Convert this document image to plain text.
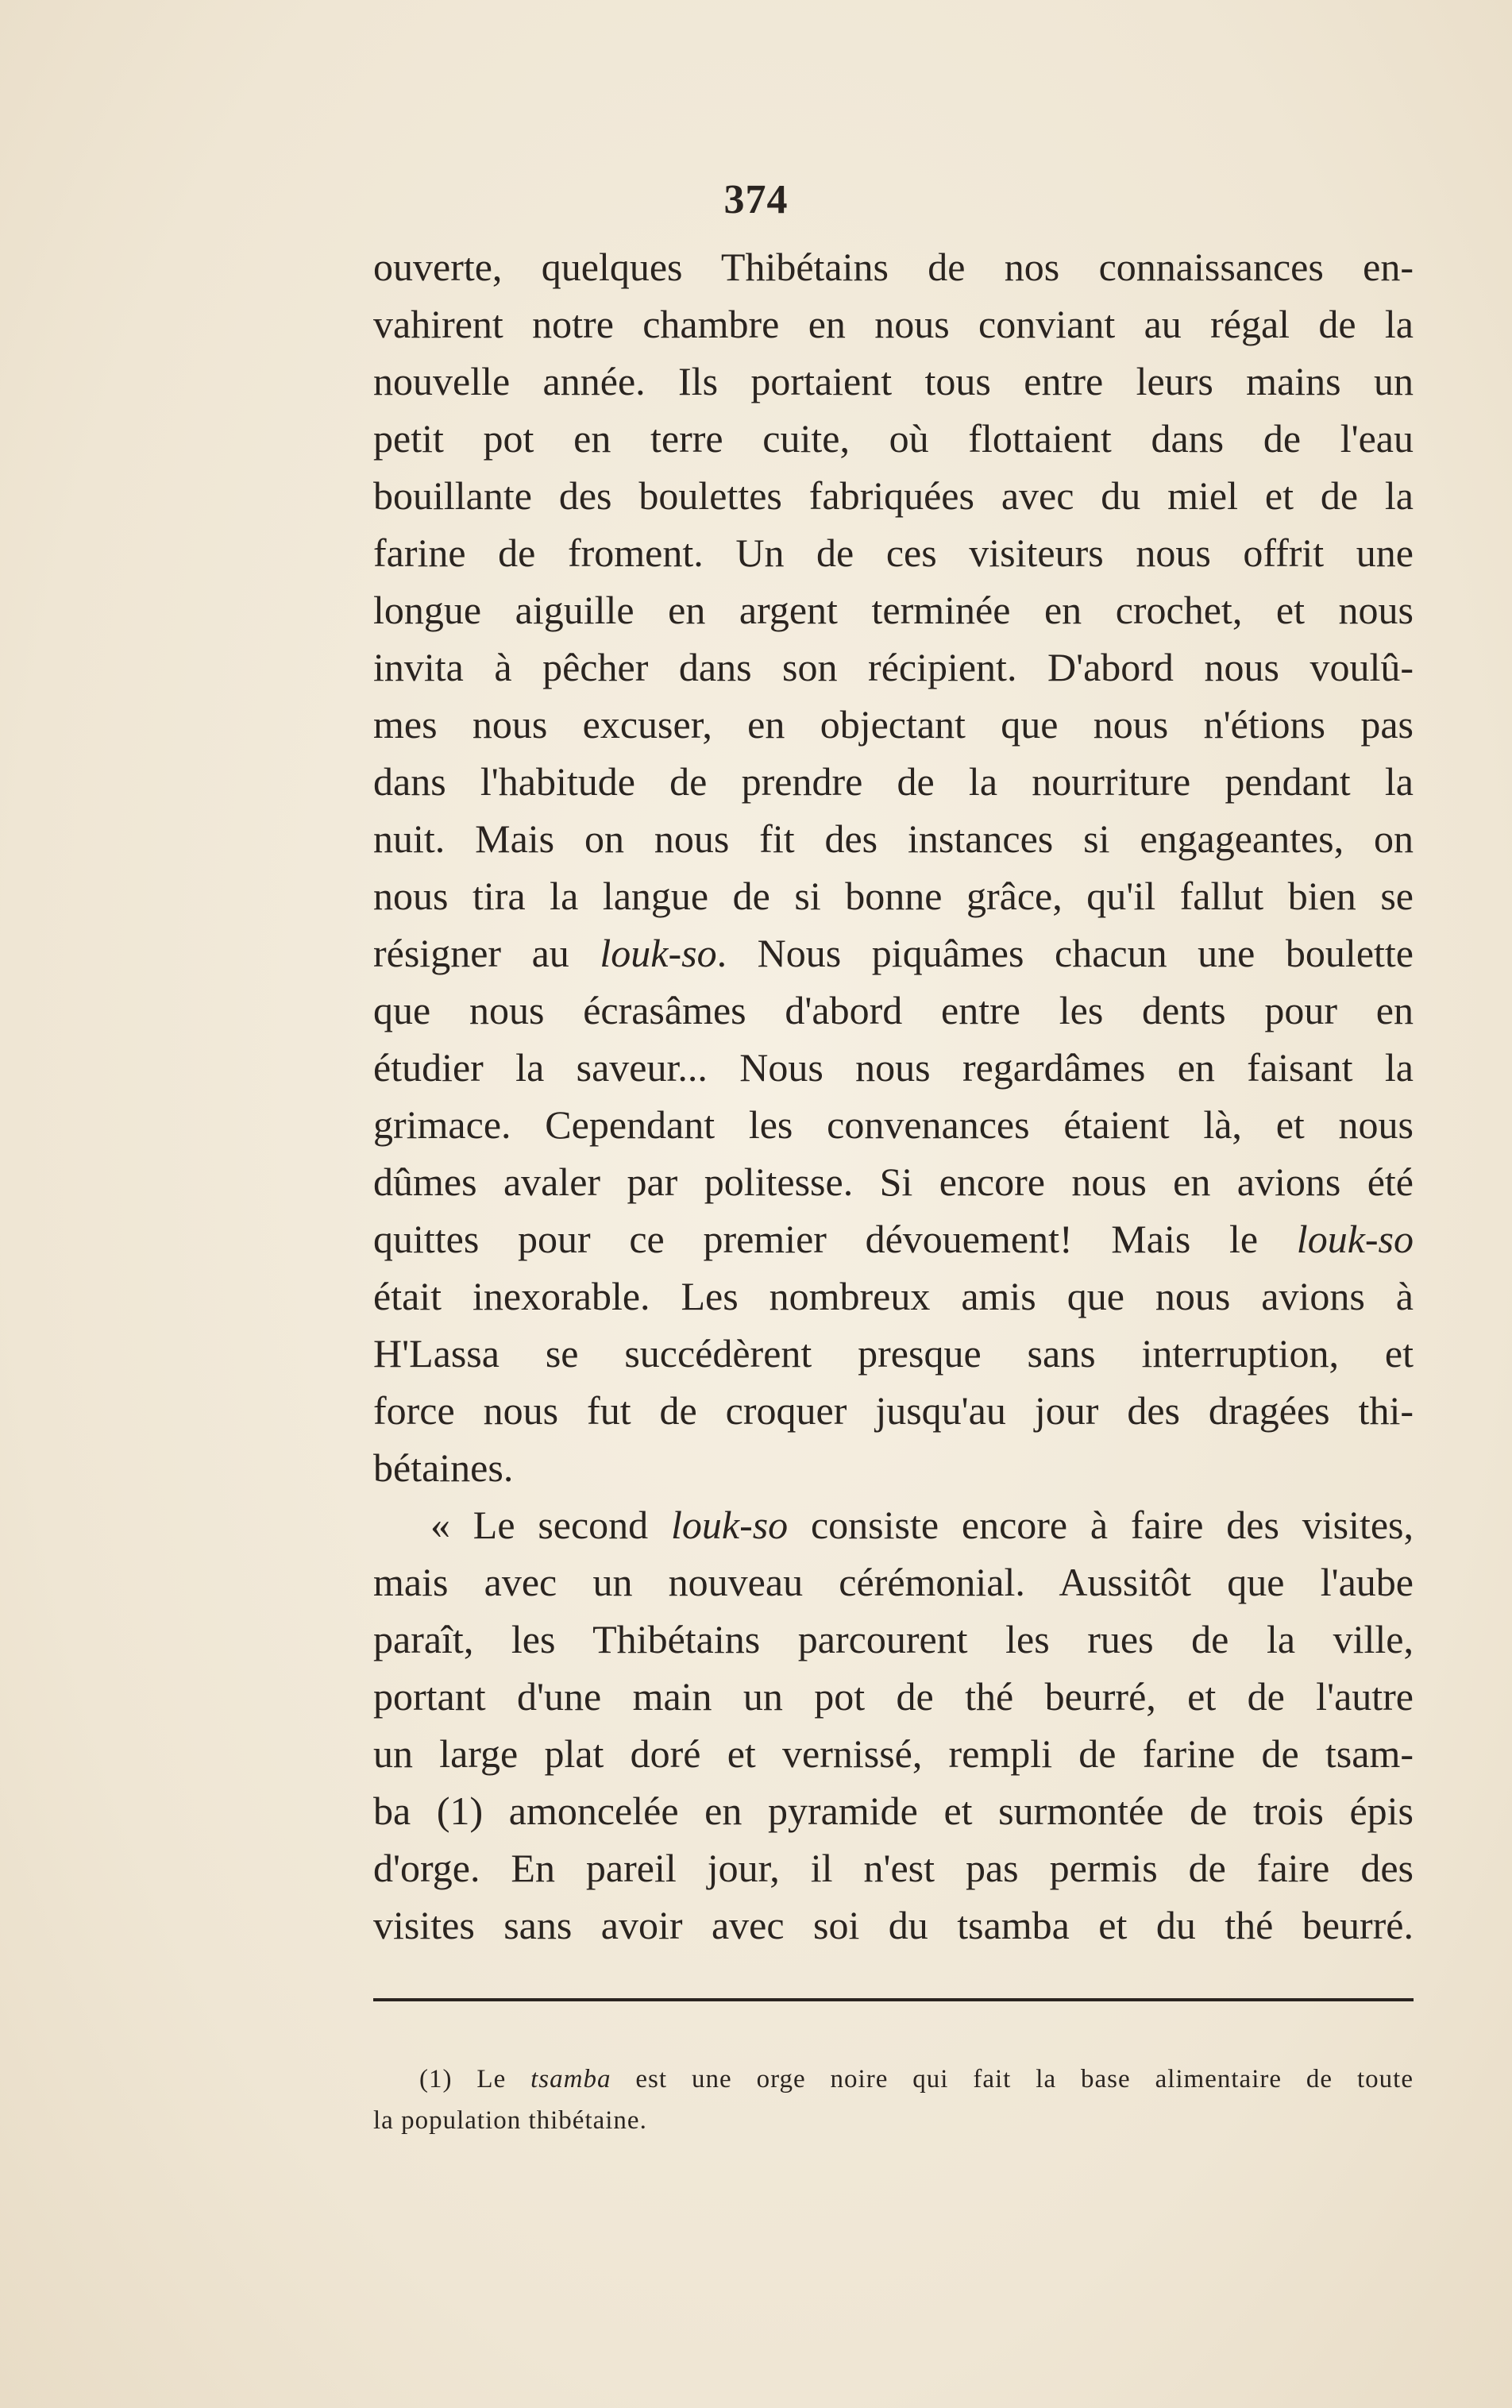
374
ouverte, quelques Thibétains de nos connaissances en-
vahirent notre chambre en nous conviant au régal de la
nouvelle année. Ils portaient tous entre leurs mains un
petit pot en terre cuite, où flottaient dans de l'eau
bouillante des boulettes fabriquées avec du miel et de la
farine de froment. Un de ces visiteurs nous offrit une
longue aiguille en argent terminée en crochet, et nous
invita à pêcher dans son récipient. D'abord nous voulû-
mes nous excuser, en objectant que nous n'étions pas
dans l'habitude de prendre de la nourriture pendant la
nuit. Mais on nous fit des instances si engageantes, on
nous tira la langue de si bonne grâce, qu'il fallut bien se
résigner au louk-so. Nous piquâmes chacun une boulette
que nous écrasâmes d'abord entre les dents pour en
étudier la saveur... Nous nous regardâmes en faisant la
grimace. Cependant les convenances étaient là, et nous
dûmes avaler par politesse. Si encore nous en avions été
quittes pour ce premier dévouement! Mais le louk-so
était inexorable. Les nombreux amis que nous avions à
H'Lassa se succédèrent presque sans interruption, et
force nous fut de croquer jusqu'au jour des dragées thi-
bétaines.
« Le second louk-so consiste encore à faire des visites,
mais avec un nouveau cérémonial. Aussitôt que l'aube
paraît, les Thibétains parcourent les rues de la ville,
portant d'une main un pot de thé beurré, et de l'autre
un large plat doré et vernissé, rempli de farine de tsam-
ba (1) amoncelée en pyramide et surmontée de trois épis
d'orge. En pareil jour, il n'est pas permis de faire des
visites sans avoir avec soi du tsamba et du thé beurré.
(1) Le tsamba est une orge noire qui fait la base alimentaire de toute
la population thibétaine.
